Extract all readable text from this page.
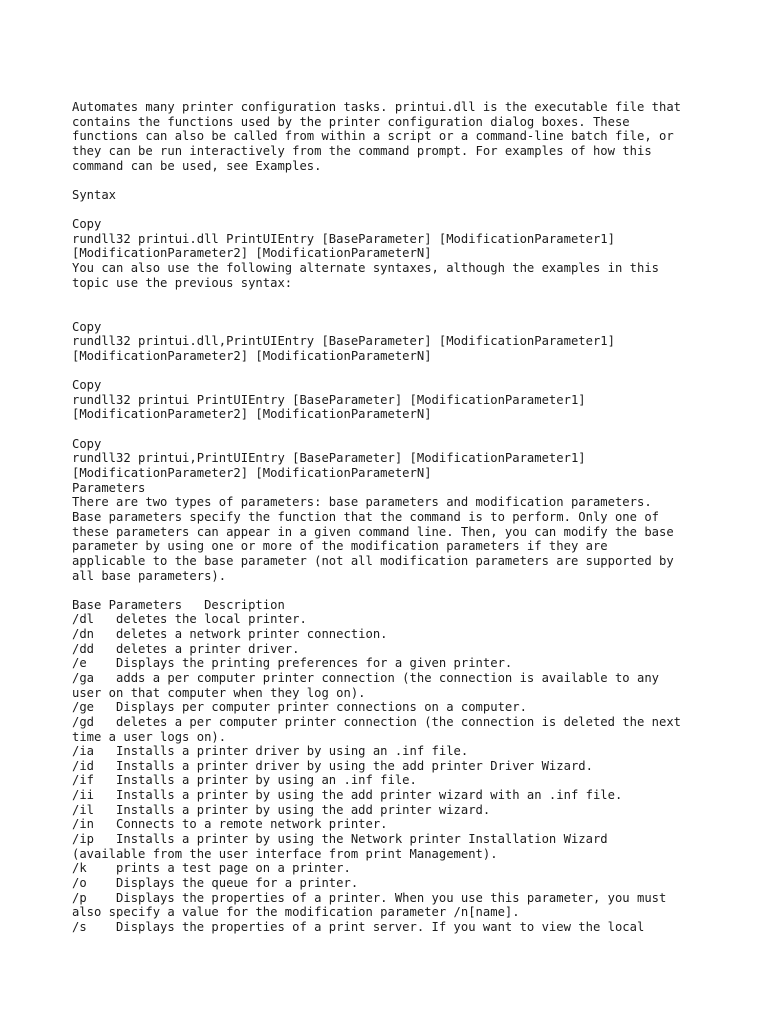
Automates many printer configuration tasks. printui.dll is the executable file that
contains the functions used by the printer configuration dialog boxes. These
functions can also be called from within a script or a command-line batch file, or
they can be run interactively from the command prompt. For examples of how this
command can be used, see Examples.
Syntax
Copy
rundll32 printui.dll PrintUIEntry [BaseParameter] [ModificationParameter1]
[ModificationParameter2] [ModificationParameterN]
You can also use the following alternate syntaxes, although the examples in this
topic use the previous syntax:
Copy
rundll32 printui.dll,PrintUIEntry [BaseParameter] [ModificationParameter1]
[ModificationParameter2] [ModificationParameterN]
Copy
rundll32 printui PrintUIEntry [BaseParameter] [ModificationParameter1]
[ModificationParameter2] [ModificationParameterN]
Copy
rundll32 printui,PrintUIEntry [BaseParameter] [ModificationParameter1]
[ModificationParameter2] [ModificationParameterN]
Parameters
There are two types of parameters: base parameters and modification parameters.
Base parameters specify the function that the command is to perform. Only one of
these parameters can appear in a given command line. Then, you can modify the base
parameter by using one or more of the modification parameters if they are
applicable to the base parameter (not all modification parameters are supported by
all base parameters).
Base Parameters   Description
/dl   deletes the local printer.
/dn   deletes a network printer connection.
/dd   deletes a printer driver.
/e    Displays the printing preferences for a given printer.
/ga   adds a per computer printer connection (the connection is available to any
user on that computer when they log on).
/ge   Displays per computer printer connections on a computer.
/gd   deletes a per computer printer connection (the connection is deleted the next
time a user logs on).
/ia   Installs a printer driver by using an .inf file.
/id   Installs a printer driver by using the add printer Driver Wizard.
/if   Installs a printer by using an .inf file.
/ii   Installs a printer by using the add printer wizard with an .inf file.
/il   Installs a printer by using the add printer wizard.
/in   Connects to a remote network printer.
/ip   Installs a printer by using the Network printer Installation Wizard
(available from the user interface from print Management).
/k    prints a test page on a printer.
/o    Displays the queue for a printer.
/p    Displays the properties of a printer. When you use this parameter, you must
also specify a value for the modification parameter /n[name].
/s    Displays the properties of a print server. If you want to view the local
